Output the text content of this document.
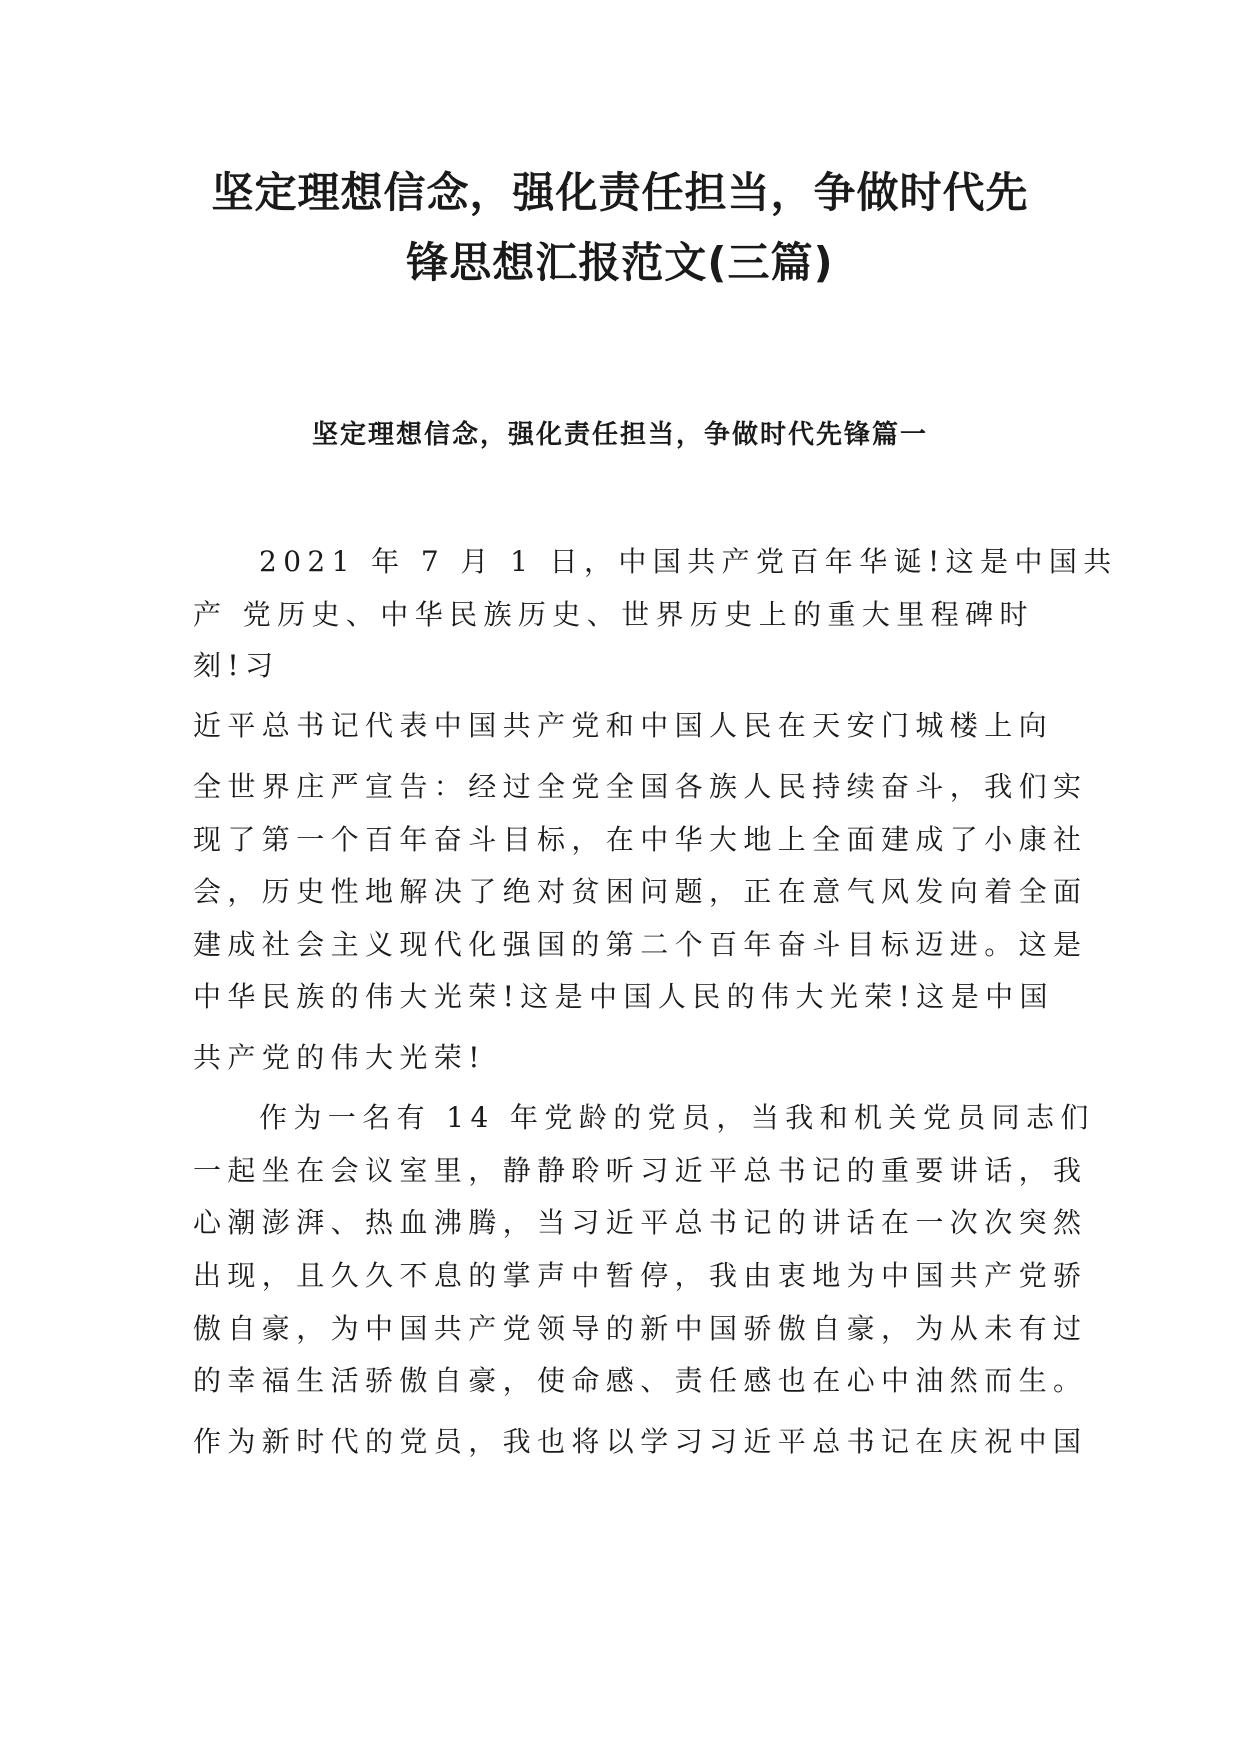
坚定理想信念，强化责任担当，争做时代先
锋思想汇报范文(三篇)
坚定理想信念，强化责任担当，争做时代先锋篇一

2021 年 7 月 1 日，中国共产党百年华诞!这是中国共

产 党历史、中华民族历史、世界历史上的重大里程碑时

刻!习

近平总书记代表中国共产党和中国人民在天安门城楼上向

全世界庄严宣告：经过全党全国各族人民持续奋斗，我们实

现了第一个百年奋斗目标，在中华大地上全面建成了小康社

会，历史性地解决了绝对贫困问题，正在意气风发向着全面

建成社会主义现代化强国的第二个百年奋斗目标迈进。这是

中华民族的伟大光荣!这是中国人民的伟大光荣!这是中国

共产党的伟大光荣!

作为一名有 14 年党龄的党员，当我和机关党员同志们

一起坐在会议室里，静静聆听习近平总书记的重要讲话，我

心潮澎湃、热血沸腾，当习近平总书记的讲话在一次次突然

出现，且久久不息的掌声中暂停，我由衷地为中国共产党骄

傲自豪，为中国共产党领导的新中国骄傲自豪，为从未有过

的幸福生活骄傲自豪，使命感、责任感也在心中油然而生。

作为新时代的党员，我也将以学习习近平总书记在庆祝中国
